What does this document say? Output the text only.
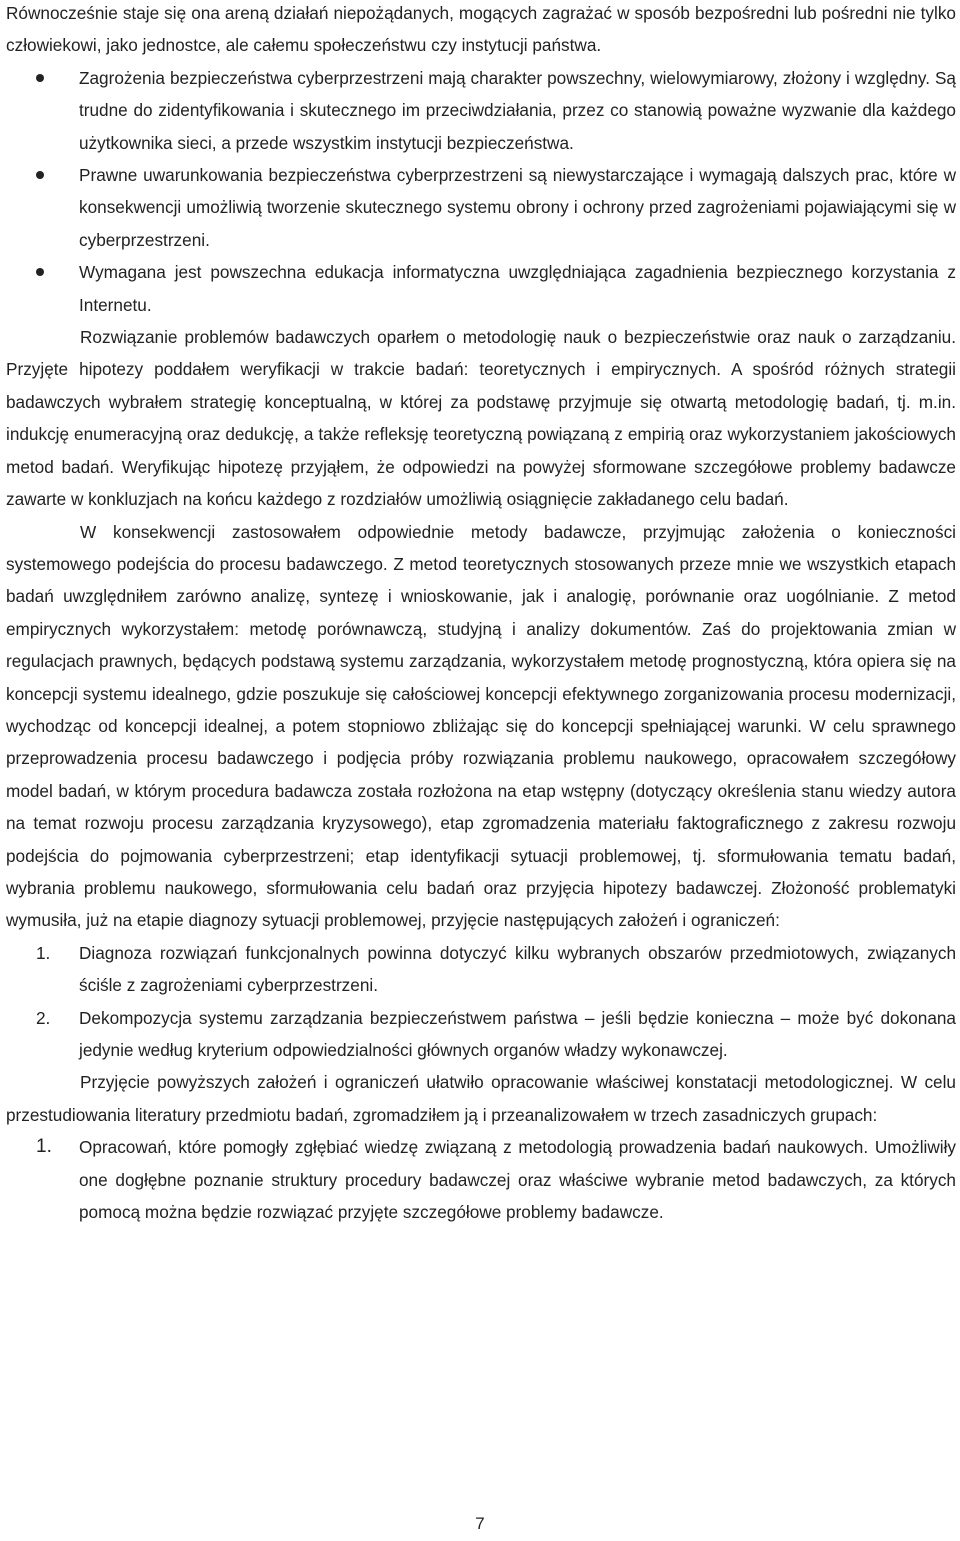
Równocześnie staje się ona areną działań niepożądanych, mogących zagrażać w sposób bezpośredni lub pośredni nie tylko człowiekowi, jako jednostce, ale całemu społeczeństwu czy instytucji państwa.

Zagrożenia bezpieczeństwa cyberprzestrzeni mają charakter powszechny, wielowymiarowy, złożony i względny. Są trudne do zidentyfikowania i skutecznego im przeciwdziałania, przez co stanowią poważne wyzwanie dla każdego użytkownika sieci, a przede wszystkim instytucji bezpieczeństwa.
Prawne uwarunkowania bezpieczeństwa cyberprzestrzeni są niewystarczające i wymagają dalszych prac, które w konsekwencji umożliwią tworzenie skutecznego systemu obrony i ochrony przed zagrożeniami pojawiającymi się w cyberprzestrzeni.
Wymagana jest powszechna edukacja informatyczna uwzględniająca zagadnienia bezpiecznego korzystania z Internetu.

Rozwiązanie problemów badawczych oparłem o metodologię nauk o bezpieczeństwie oraz nauk o zarządzaniu. Przyjęte hipotezy poddałem weryfikacji w trakcie badań: teoretycznych i empirycznych. A spośród różnych strategii badawczych wybrałem strategię konceptualną, w której za podstawę przyjmuje się otwartą metodologię badań, tj. m.in. indukcję enumeracyjną oraz dedukcję, a także refleksję teoretyczną powiązaną z empirią oraz wykorzystaniem jakościowych metod badań. Weryfikując hipotezę przyjąłem, że odpowiedzi na powyżej sformowane szczegółowe problemy badawcze zawarte w konkluzjach na końcu każdego z rozdziałów umożliwią osiągnięcie zakładanego celu badań.

W konsekwencji zastosowałem odpowiednie metody badawcze, przyjmując założenia o konieczności systemowego podejścia do procesu badawczego. Z metod teoretycznych stosowanych przeze mnie we wszystkich etapach badań uwzględniłem zarówno analizę, syntezę i wnioskowanie, jak i analogię, porównanie oraz uogólnianie. Z metod empirycznych wykorzystałem: metodę porównawczą, studyjną i analizy dokumentów. Zaś do projektowania zmian w regulacjach prawnych, będących podstawą systemu zarządzania, wykorzystałem metodę prognostyczną, która opiera się na koncepcji systemu idealnego, gdzie poszukuje się całościowej koncepcji efektywnego zorganizowania procesu modernizacji, wychodząc od koncepcji idealnej, a potem stopniowo zbliżając się do koncepcji spełniającej warunki. W celu sprawnego przeprowadzenia procesu badawczego i podjęcia próby rozwiązania problemu naukowego, opracowałem szczegółowy model badań, w którym procedura badawcza została rozłożona na etap wstępny (dotyczący określenia stanu wiedzy autora na temat rozwoju procesu zarządzania kryzysowego), etap zgromadzenia materiału faktograficznego z zakresu rozwoju podejścia do pojmowania cyberprzestrzeni; etap identyfikacji sytuacji problemowej, tj. sformułowania tematu badań, wybrania problemu naukowego, sformułowania celu badań oraz przyjęcia hipotezy badawczej. Złożoność problematyki wymusiła, już na etapie diagnozy sytuacji problemowej, przyjęcie następujących założeń i ograniczeń:

1. Diagnoza rozwiązań funkcjonalnych powinna dotyczyć kilku wybranych obszarów przedmiotowych, związanych ściśle z zagrożeniami cyberprzestrzeni.
2. Dekompozycja systemu zarządzania bezpieczeństwem państwa – jeśli będzie konieczna – może być dokonana jedynie według kryterium odpowiedzialności głównych organów władzy wykonawczej.

Przyjęcie powyższych założeń i ograniczeń ułatwiło opracowanie właściwej konstatacji metodologicznej. W celu przestudiowania literatury przedmiotu badań, zgromadziłem ją i przeanalizowałem w trzech zasadniczych grupach:

1. Opracowań, które pomogły zgłębiać wiedzę związaną z metodologią prowadzenia badań naukowych. Umożliwiły one dogłębne poznanie struktury procedury badawczej oraz właściwe wybranie metod badawczych, za których pomocą można będzie rozwiązać przyjęte szczegółowe problemy badawcze.
7
